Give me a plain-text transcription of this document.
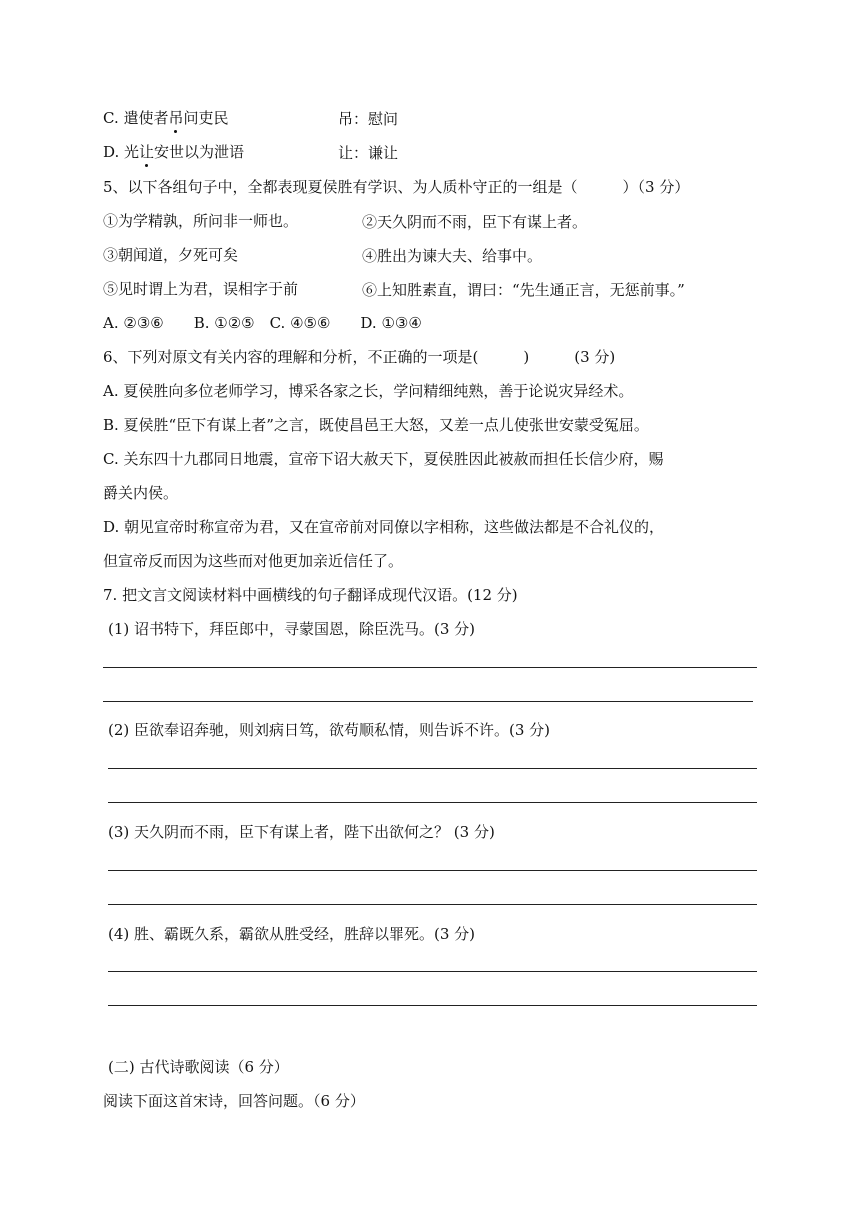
C. 遣使者吊问吏民	吊：慰问
D. 光让安世以为泄语	让：谦让
5、以下各组句子中，全都表现夏侯胜有学识、为人质朴守正的一组是（　　　）（3 分）
①为学精孰，所问非一师也。	②天久阴而不雨，臣下有谋上者。
③朝闻道，夕死可矣	④胜出为谏大夫、给事中。
⑤见时谓上为君，误相字于前	⑥上知胜素直，谓曰：“先生通正言，无惩前事。”
A. ②③⑥　　B. ①②⑤　C. ④⑤⑥　　D. ①③④
6、下列对原文有关内容的理解和分析，不正确的一项是(　　　)　　　(3 分)
A. 夏侯胜向多位老师学习，博采各家之长，学问精细纯熟，善于论说灾异经术。
B. 夏侯胜“臣下有谋上者”之言，既使昌邑王大怒，又差一点儿使张世安蒙受冤屈。
C. 关东四十九郡同日地震，宣帝下诏大赦天下，夏侯胜因此被赦而担任长信少府，赐
爵关内侯。
D. 朝见宣帝时称宣帝为君，又在宣帝前对同僚以字相称，这些做法都是不合礼仪的，
但宣帝反而因为这些而对他更加亲近信任了。
7. 把文言文阅读材料中画横线的句子翻译成现代汉语。(12 分)
(1) 诏书特下，拜臣郎中，寻蒙国恩，除臣洗马。(3 分)
(2) 臣欲奉诏奔驰，则刘病日笃，欲苟顺私情，则告诉不许。(3 分)
(3) 天久阴而不雨，臣下有谋上者，陛下出欲何之？ (3 分)
(4) 胜、霸既久系，霸欲从胜受经，胜辞以罪死。(3 分)
(二) 古代诗歌阅读（6 分）
阅读下面这首宋诗，回答问题。（6 分）
